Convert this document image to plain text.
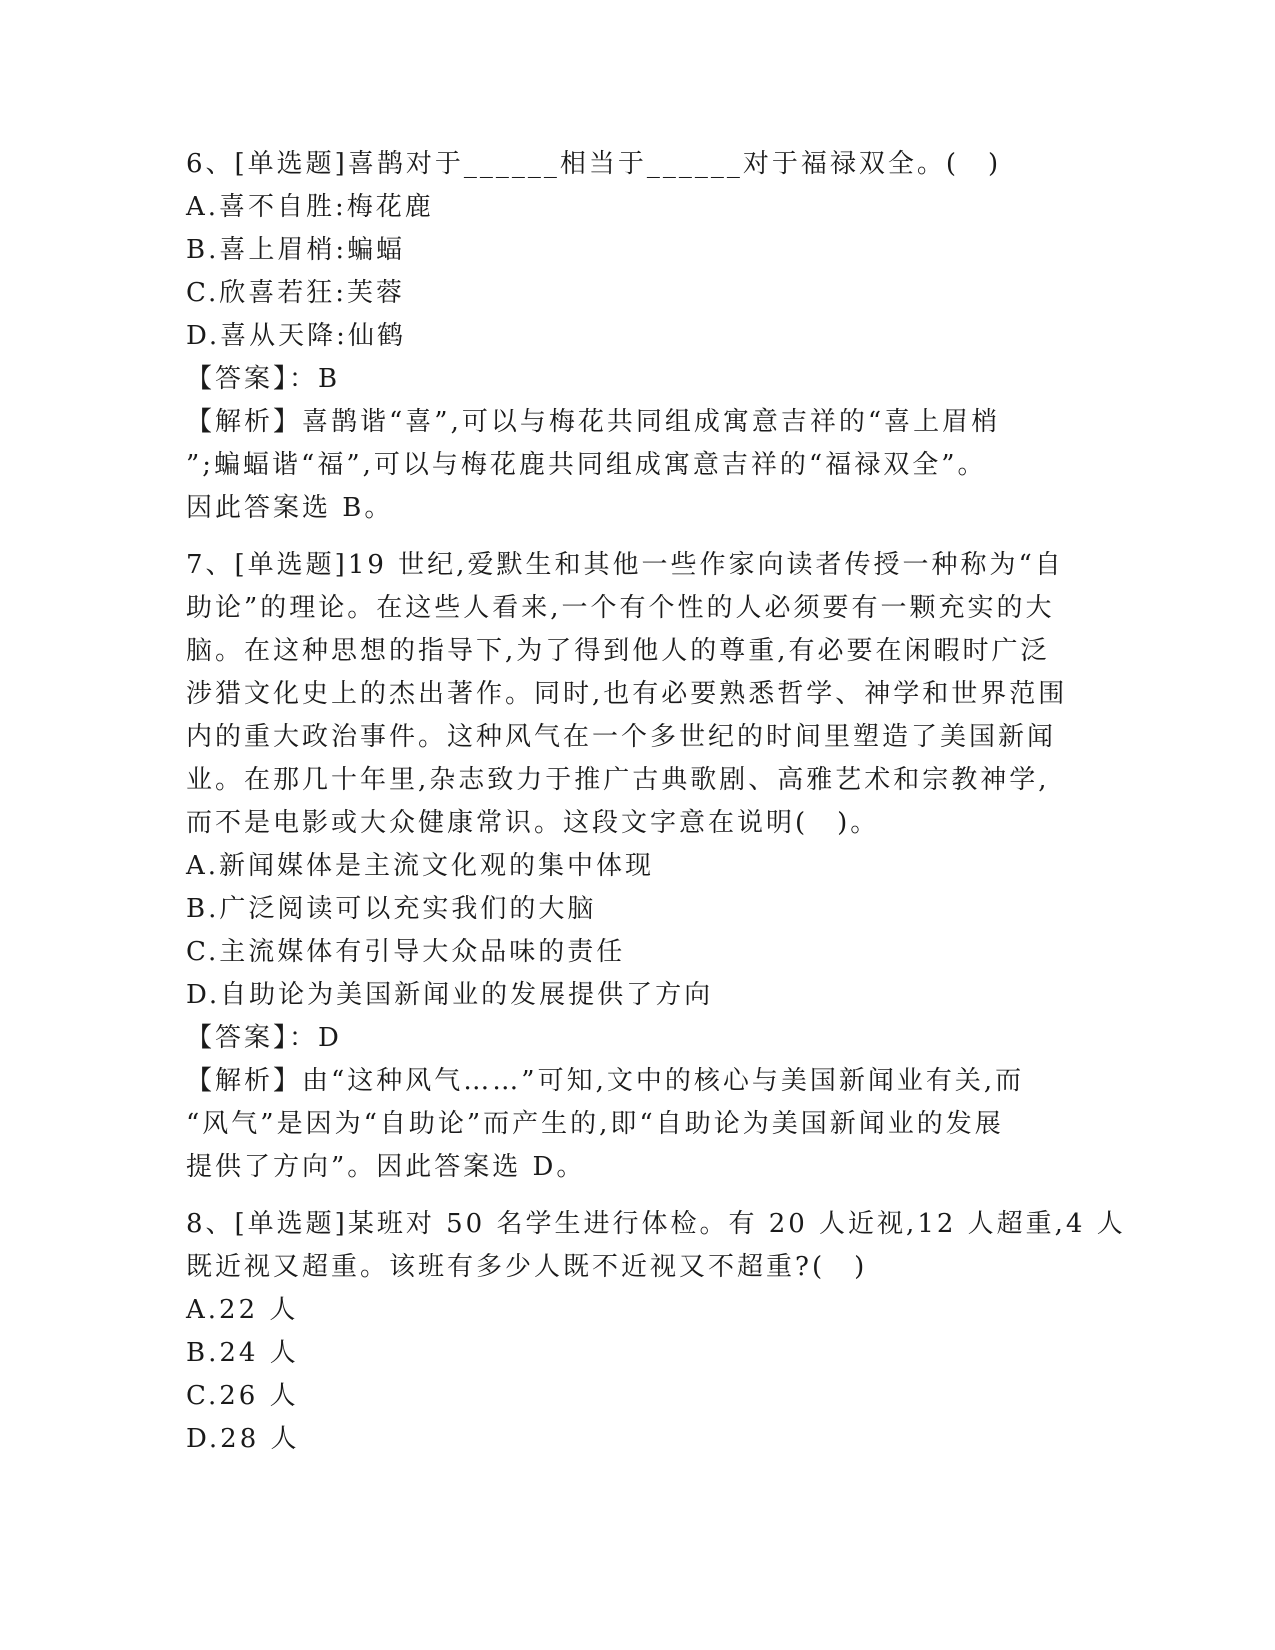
6、[单选题]喜鹊对于______相当于______对于福禄双全。(　)
A.喜不自胜:梅花鹿
B.喜上眉梢:蝙蝠
C.欣喜若狂:芙蓉
D.喜从天降:仙鹤
【答案】：B
【解析】喜鹊谐“喜”,可以与梅花共同组成寓意吉祥的“喜上眉梢
”;蝙蝠谐“福”,可以与梅花鹿共同组成寓意吉祥的“福禄双全”。
因此答案选 B。
7、[单选题]19 世纪,爱默生和其他一些作家向读者传授一种称为“自
助论”的理论。在这些人看来,一个有个性的人必须要有一颗充实的大
脑。在这种思想的指导下,为了得到他人的尊重,有必要在闲暇时广泛
涉猎文化史上的杰出著作。同时,也有必要熟悉哲学、神学和世界范围
内的重大政治事件。这种风气在一个多世纪的时间里塑造了美国新闻
业。在那几十年里,杂志致力于推广古典歌剧、高雅艺术和宗教神学,
而不是电影或大众健康常识。这段文字意在说明(　)。
A.新闻媒体是主流文化观的集中体现
B.广泛阅读可以充实我们的大脑
C.主流媒体有引导大众品味的责任
D.自助论为美国新闻业的发展提供了方向
【答案】：D
【解析】由“这种风气……”可知,文中的核心与美国新闻业有关,而
“风气”是因为“自助论”而产生的,即“自助论为美国新闻业的发展
提供了方向”。因此答案选 D。
8、[单选题]某班对 50 名学生进行体检。有 20 人近视,12 人超重,4 人
既近视又超重。该班有多少人既不近视又不超重?(　)
A.22 人
B.24 人
C.26 人
D.28 人
